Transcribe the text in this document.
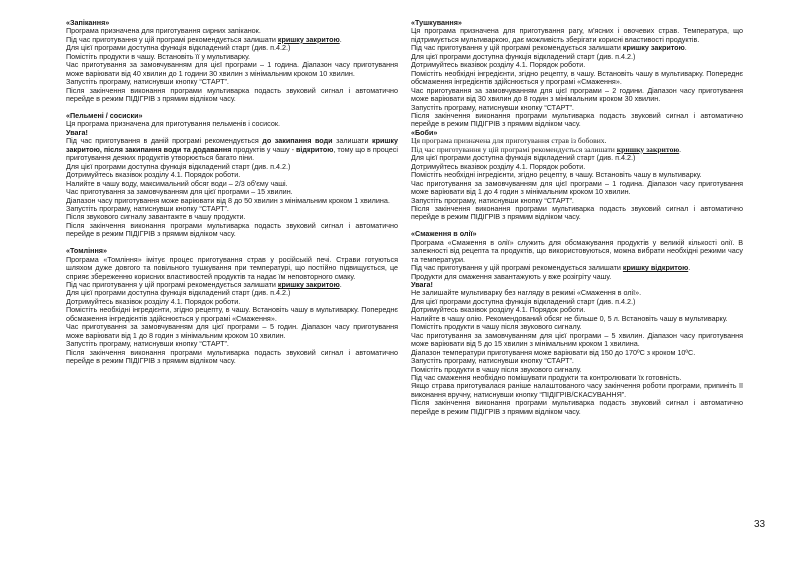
«Запікання»

Програма призначена для приготування сирних запіканок.

Під час приготування у цій програмі рекомендується залишати кришку закритою.

Для цієї програми доступна функція відкладений старт (див. п.4.2.)

Помістіть продукти в чашу. Встановіть її у мультиварку.

Час приготування за замовчуванням для цієї програми – 1 година. Діапазон часу приготування може варіювати від 40 хвилин до 1 години 30 хвилин з мінімальним кроком 10 хвилин.

Запустіть програму, натиснувши кнопку “СТАРТ”.

Після закінчення виконання програми мультиварка подасть звуковий сигнал і автоматично перейде в режим ПІДІГРІВ з прямим відліком часу.

«Пельмені / сосиски»

Ця програма призначена для приготування пельменів і сосисок.

Увага!

Під час приготування в даній програмі рекомендується до закипання води залишати кришку закритою, після закипання води та додавання продуктів у чашу - відкритою, тому що в процесі приготування деяких продуктів утворюється багато піни.

Для цієї програми доступна функція відкладений старт (див. п.4.2.)

Дотримуйтесь вказівок розділу 4.1. Порядок роботи.

Налийте в чашу воду, максимальний обсяг води – 2/3 об'єму чаші.

Час приготування за замовчуванням для цієї програми – 15 хвилин.

Діапазон часу приготування може варіювати від 8 до 50 хвилин з мінімальним кроком 1 хвилина.

Запустіть програму, натиснувши кнопку “СТАРТ”.

Після звукового сигналу завантажте в чашу продукти.

Після закінчення виконання програми мультиварка подасть звуковий сигнал і автоматично перейде в режим ПІДІГРІВ з прямим відліком часу.

«Томління»

Програма «Томління» імітує процес приготування страв у російській печі. Страви готуються шляхом дуже довгого та повільного тушкування при температурі, що постійно підвищується, це сприяє збереженню корисних властивостей продуктів та надає їм неповторного смаку.

Під час приготування у цій програмі рекомендується залишати кришку закритою.

Для цієї програми доступна функція відкладений старт (див. п.4.2.)

Дотримуйтесь вказівок розділу 4.1. Порядок роботи.

Помістіть необхідні інгредієнти, згідно рецепту, в чашу. Встановіть чашу в мультиварку. Попереднє обсмаження інгредієнтів здійснюється у програмі «Смаження».

Час приготування за замовчуванням для цієї програми – 5 годин. Діапазон часу приготування може варіювати від 1 до 8 годин з мінімальним кроком 10 хвилин.

Запустіть програму, натиснувши кнопку “СТАРТ”.

Після закінчення виконання програми мультиварка подасть звуковий сигнал і автоматично перейде в режим ПІДІГРІВ з прямим відліком часу.

«Тушкування»

Ця програма призначена для приготування рагу, м'ясних і овочевих страв. Температура, що підтримується мультиваркою, дає можливість зберігати корисні властивості продуктів.

Під час приготування у цій програмі рекомендується залишати кришку закритою.

Для цієї програми доступна функція відкладений старт (див. п.4.2.)

Дотримуйтесь вказівок розділу 4.1. Порядок роботи.

Помістіть необхідні інгредієнти, згідно рецепту, в чашу. Встановіть чашу в мультиварку. Попереднє обсмаження інгредієнтів здійснюється у програмі «Смаження».

Час приготування за замовчуванням для цієї програми – 2 години. Діапазон часу приготування може варіювати від 30 хвилин до 8 годин з мінімальним кроком 30 хвилин.

Запустіть програму, натиснувши кнопку “СТАРТ”.

Після закінчення виконання програми мультиварка подасть звуковий сигнал і автоматично перейде в режим ПІДІГРІВ з прямим відліком часу.

«Боби»

Ця програма призначена для приготування страв із бобових.

Під час приготування у цій програмі рекомендується залишати кришку закритою.

Для цієї програми доступна функція відкладений старт (див. п.4.2.)

Дотримуйтесь вказівок розділу 4.1. Порядок роботи.

Помістіть необхідні інгредієнти, згідно рецепту, в чашу. Встановіть чашу в мультиварку.

Час приготування за замовчуванням для цієї програми – 1 година. Діапазон часу приготування може варіювати від 1 до 4 годин з мінімальним кроком 10 хвилин.

Запустіть програму, натиснувши кнопку “СТАРТ”.

Після закінчення виконання програми мультиварка подасть звуковий сигнал і автоматично перейде в режим ПІДІГРІВ з прямим відліком часу.

«Смаження в олії»

Програма «Смаження в олії» служить для обсмажування продуктів у великій кількості олії. В залежності від рецепта та продуктів, що використовуються, можна вибрати необхідні режими часу та температури.

Під час приготування у цій програмі рекомендується залишати кришку відкритою.

Продукти для смаження завантажують у вже розігріту чашу.

Увага!

Не залишайте мультиварку без нагляду в режимі «Смаження в олії».

Для цієї програми доступна функція відкладений старт (див. п.4.2.)

Дотримуйтесь вказівок розділу 4.1. Порядок роботи.

Налийте в чашу олію. Рекомендований обсяг не більше 0, 5 л. Встановіть чашу в мультиварку.

Помістіть продукти в чашу після звукового сигналу.

Час приготування за замовчуванням для цієї програми – 5 хвилин. Діапазон часу приготування може варіювати від 5 до 15 хвилин з мінімальним кроком 1 хвилина.

Діапазон температури приготування може варіювати від 150 до 170ºС з кроком 10ºС.

Запустіть програму, натиснувши кнопку “СТАРТ”.

Помістіть продукти в чашу після звукового сигналу.

Під час смаження необхідно помішувати продукти та контролювати їх готовність.

Якщо страва приготувалася раніше налаштованого часу закінчення роботи програми, припиніть її виконання вручну, натиснувши кнопку “ПІДІГРІВ/СКАСУВАННЯ”.

Після закінчення виконання програми мультиварка подасть звуковий сигнал і автоматично перейде в режим ПІДІГРІВ з прямим відліком часу.

33
